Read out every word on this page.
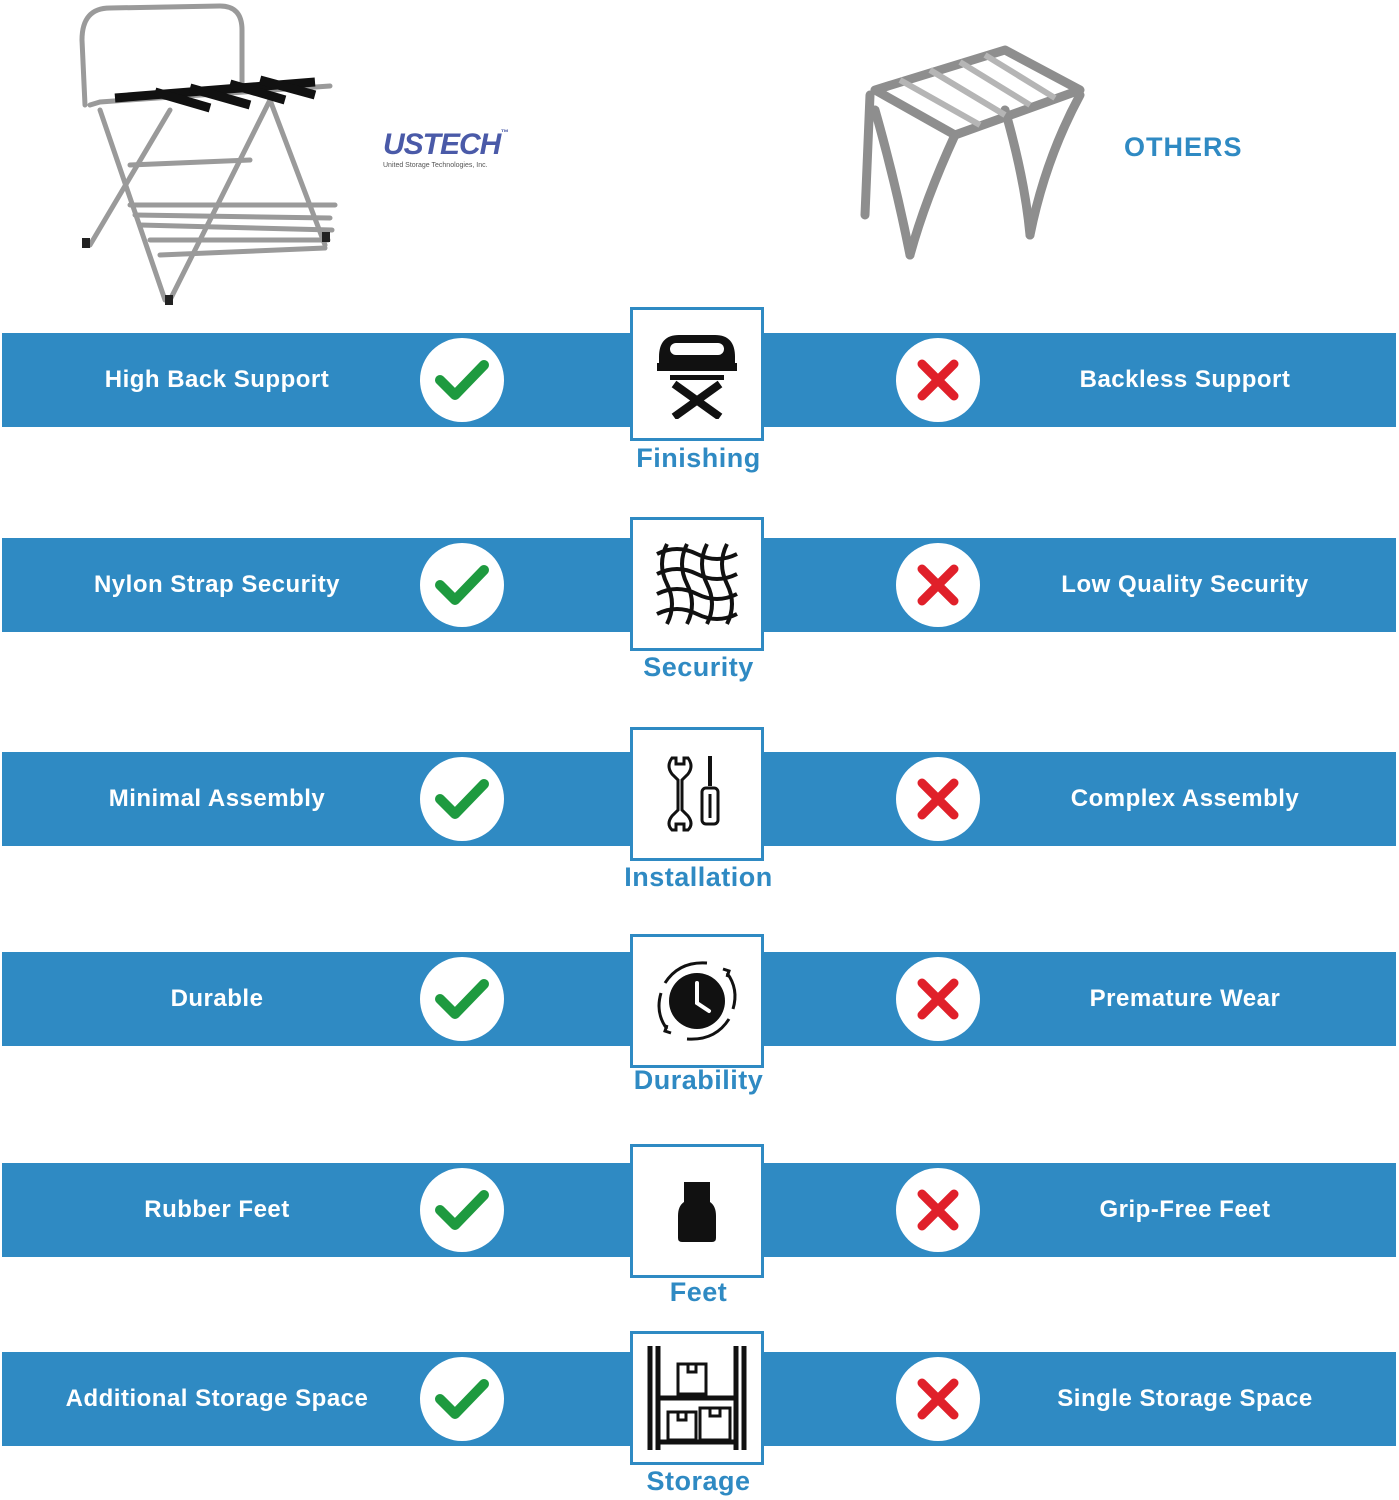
USTECH™
United Storage Technologies, Inc.
OTHERS
High Back Support	Backless Support
Finishing
Nylon Strap Security	Low Quality Security
Security
Minimal Assembly	Complex Assembly
Installation
Durable	Premature Wear
Durability
Rubber Feet	Grip-Free Feet
Feet
Additional Storage Space	Single Storage Space
Storage
